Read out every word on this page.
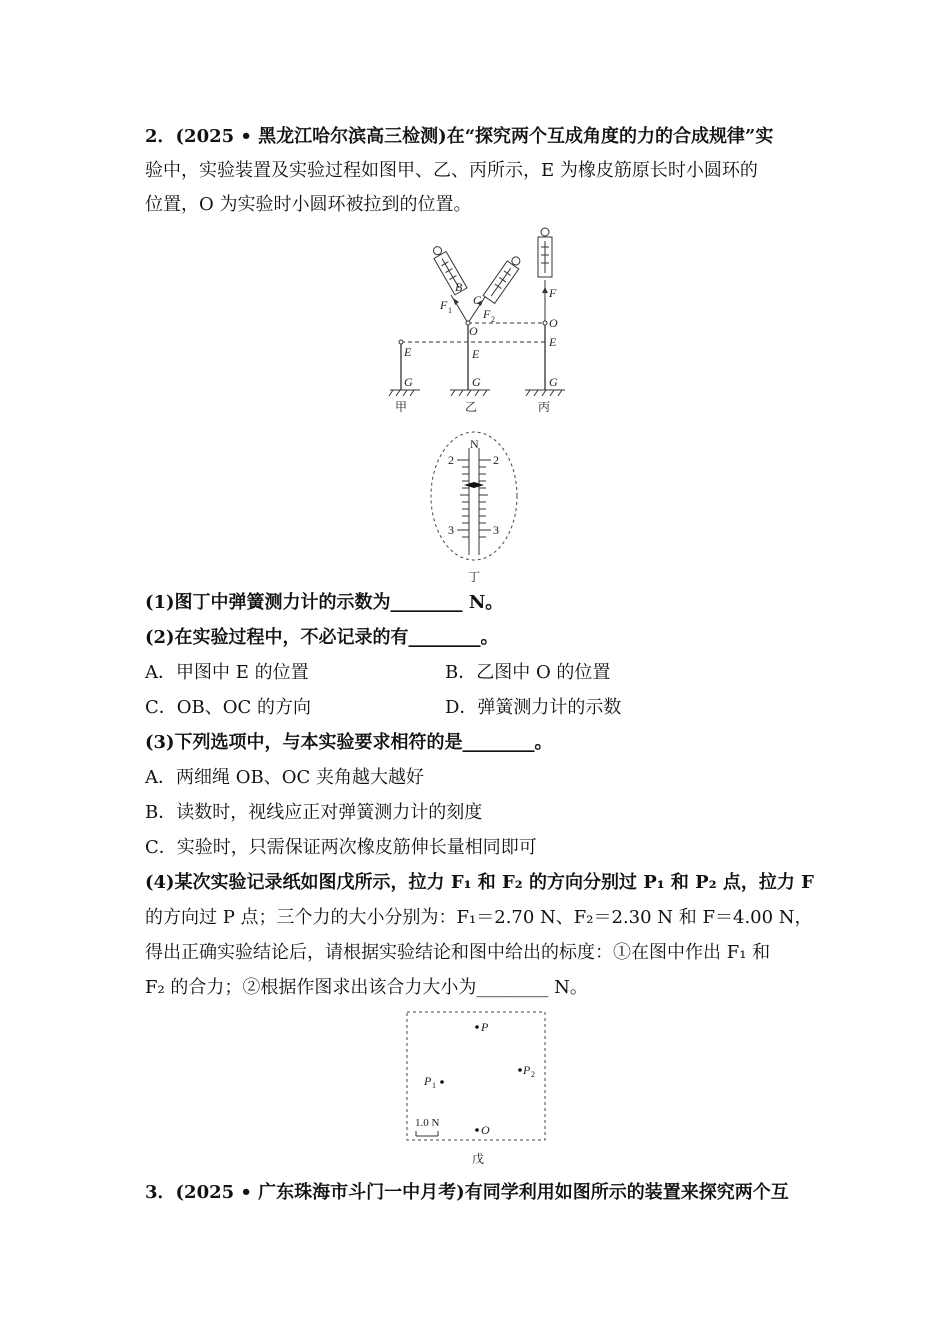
2．(2025 • 黑龙江哈尔滨高三检测)在“探究两个互成角度的力的合成规律”实
验中，实验装置及实验过程如图甲、乙、丙所示，E 为橡皮筋原长时小圆环的
位置，O 为实验时小圆环被拉到的位置。
B
C
F 1	F 2
O
O
F
E	E
E
G	G	G
甲	乙	丙
N
2	2
3	3
丁
(1)图丁中弹簧测力计的示数为________ N。
(2)在实验过程中，不必记录的有________。
A．甲图中 E 的位置	B．乙图中 O 的位置
C．OB、OC 的方向	D．弹簧测力计的示数
(3)下列选项中，与本实验要求相符的是________。
A．两细绳 OB、OC 夹角越大越好
B．读数时，视线应正对弹簧测力计的刻度
C．实验时，只需保证两次橡皮筋伸长量相同即可
(4)某次实验记录纸如图戊所示，拉力 F₁ 和 F₂ 的方向分别过 P₁ 和 P₂ 点，拉力 F
的方向过 P 点；三个力的大小分别为：F₁＝2.70 N、F₂＝2.30 N 和 F＝4.00 N，
得出正确实验结论后，请根据实验结论和图中给出的标度：①在图中作出 F₁ 和
F₂ 的合力；②根据作图求出该合力大小为________ N。
P
P 1
P 2
O
1.0 N
戊
3．(2025 • 广东珠海市斗门一中月考)有同学利用如图所示的装置来探究两个互
